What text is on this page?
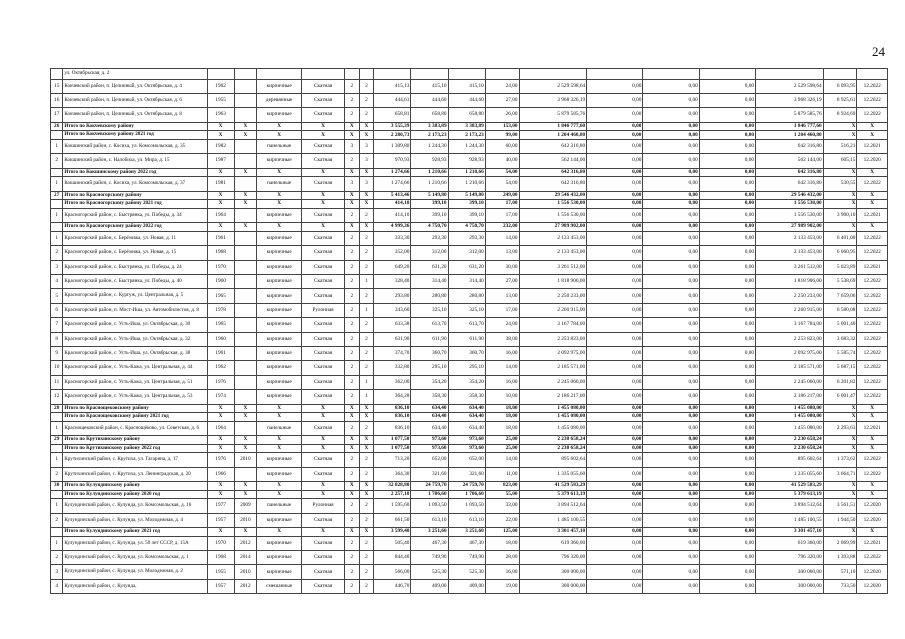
24
	ул. Октябрьская, д. 2																	
15	Кокчевский район, п. Целинный, ул. Октябрьская, д. 4	1962		кирпичные	Скатная	2	2	415,13	415,10	415,10	24,00	2 529 598,64	0,00	0,00	0,00	2 529 598,64	6 093,95	12.2022
16	Кокчевский район, п. Целинный, ул. Октябрьская, д. 6	1955		деревянные	Скатная	2	2	444,61	444,60	444,60	27,00	3 968 326,19	0,00	0,00	0,00	3 968 326,19	8 925,61	12.2022
17	Кокчевский район, п. Целинный, ул. Октябрьская, д. 8	1963		кирпичные	Скатная	2	2	658,81	658,80	658,80	26,00	5 879 585,76	0,00	0,00	0,00	5 879 585,76	8 924,69	12.2022
26	Итого по Кокчевскому району	X	X	X	X	X	X	3 555,39	3 383,89	3 383,89	153,00	1 846 777,60	0,00	0,00	0,00	1 846 777,60	X	X
	Итого по Кокчевскому району 2021 год	X	X	X	X	X	X	2 280,73	2 173,23	2 173,23	99,00	1 204 460,80	0,00	0,00	0,00	1 204 460,80	X	X
1	Кокшинский район, с. Косиха, ул. Комсомольская, д. 35	1982		панельные	Скатная	3	3	1 309,80	1 244,30	1 244,30	60,00	642 316,80	0,00	0,00	0,00	642 316,80	516,21	12.2021
2	Кокшинский район, с. Налобиха, ул. Мира, д. 15	1987		кирпичные	Скатная	2	3	970,93	928,93	928,93	40,00	562 144,00	0,00	0,00	0,00	562 144,00	605,15	12.2020
	Итого по Кокшинскому району 2022 год	X	X	X	X	X	X	1 274,66	1 210,66	1 210,66	54,00	642 316,80	0,00	0,00	0,00	642 316,80	X	X
1	Кокшинский район, с. Косиха, ул. Комсомольская, д. 37	1981		панельные	Скатная	3	3	1 274,66	1 210,66	1 210,66	54,00	642 316,80	0,00	0,00	0,00	642 316,80	530,55	12.2022
27	Итого по Красногорскому району	X	X	X	X	X	X	5 413,46	5 149,80	5 149,80	249,00	29 546 432,00	0,00	0,00	0,00	29 546 432,00	X	X
	Итого по Красногорскому району 2021 год	X	X	X	X	X	X	414,10	399,10	399,10	17,00	1 556 530,00	0,00	0,00	0,00	1 556 530,00	X	X
1	Красногорский район, с. Быстрянка, ул. Победы, д. 34	1964		кирпичные	Скатная	2	2	414,10	399,10	399,10	17,00	1 556 530,00	0,00	0,00	0,00	1 556 530,00	3 900,10	12.2021
	Итого по Красногорскому району 2022 год	X	X	X	X	X	X	4 999,36	4 750,70	4 750,70	232,00	27 989 902,00	0,00	0,00	0,00	27 989 902,00	X	X
1	Красногорский район, с. Берёзовка, ул. Новая, д. 11	1961		кирпичные	Скатная	2	2	333,30	293,30	293,30	14,00	2 133 453,00	0,00	0,00	0,00	2 133 453,00	6 401,00	12.2022
2	Красногорский район, с. Берёзовка, ул. Новая, д. 15	1968		кирпичные	Скатная	2	2	352,00	312,00	312,00	13,00	2 133 453,00	0,00	0,00	0,00	2 133 453,00	6 060,95	12.2022
3	Красногорский район, с. Быстрянка, ул. Победы, д. 24	1970		кирпичные	Скатная	2	2	649,20	631,20	631,20	30,00	3 261 512,00	0,00	0,00	0,00	3 261 512,00	5 023,89	12.2021
4	Красногорский район, с. Быстрянка, ул. Победы, д. 40	1960		кирпичные	Скатная	2	1	328,40	314,40	314,40	27,00	1 818 906,00	0,00	0,00	0,00	1 818 906,00	5 538,69	12.2022
5	Красногорский район, с. Кургуж, ул. Центральная, д. 5	1965		кирпичные	Скатная	2	2	293,80	280,80	280,80	13,00	2 250 233,00	0,00	0,00	0,00	2 250 233,00	7 659,06	12.2022
6	Красногорский район, п. Мост-Иша, ул. Автомобилистов, д. 8	1978		кирпичные	Рулонная	2	1	343,60	325,10	325,10	17,00	2 260 915,00	0,00	0,00	0,00	2 260 915,00	6 580,08	12.2022
7	Красногорский район, с. Усть-Иша, ул. Октябрьская, д. 30	1965		кирпичные	Скатная	2	2	633,38	613,70	613,70	24,00	3 167 784,00	0,00	0,00	0,00	3 167 784,00	5 001,40	12.2022
8	Красногорский район, с. Усть-Иша, ул. Октябрьская, д. 32	1960		кирпичные	Скатная	2	2	631,90	611,90	611,90	38,00	2 253 823,00	0,00	0,00	0,00	2 253 823,00	3 683,32	12.2022
9	Красногорский район, с. Усть-Иша, ул. Октябрьская, д. 38	1961		кирпичные	Скатная	2	2	374,70	360,70	360,70	16,00	2 092 975,00	0,00	0,00	0,00	2 092 975,00	5 585,74	12.2022
10	Красногорский район, с. Усть-Кажа, ул. Центральная, д. 44	1962		кирпичные	Скатная	2	2	332,80	295,10	295,10	14,00	2 185 571,00	0,00	0,00	0,00	2 185 571,00	5 687,15	12.2022
11	Красногорский район, с. Усть-Кажа, ул. Центральная, д. 51	1976		кирпичные	Скатная	2	1	362,00	354,20	354,20	16,00	2 245 060,00	0,00	0,00	0,00	2 245 060,00	6 201,82	12.2022
12	Красногорский район, с. Усть-Кажа, ул. Центральная, д. 53	1974		кирпичные	Скатная	2	1	364,28	358,30	358,30	10,00	2 186 217,00	0,00	0,00	0,00	2 186 217,00	6 001,47	12.2022
28	Итого по Краснощековскому району	X	X	X	X	X	X	836,10	634,40	634,40	18,00	1 455 080,00	0,00	0,00	0,00	1 455 080,00	X	X
	Итого по Краснощековскому району 2021 год	X	X	X	X	X	X	836,10	634,40	634,40	18,00	1 455 080,00	0,00	0,00	0,00	1 455 080,00	X	X
1	Краснощековский район, с. Краснощёково, ул. Советская, д. 6	1964		панельные	Скатная	2	2	836,10	634,40	634,40	18,00	1 455 080,00	0,00	0,00	0,00	1 455 080,00	2 293,63	12.2021
29	Итого по Крутихинскому району	X	X	X	X	X	X	1 077,50	973,60	973,60	25,00	2 230 658,24	0,00	0,00	0,00	2 230 658,24	X	X
	Итого по Крутихинскому району 2022 год	X	X	X	X	X	X	1 077,50	973,60	973,60	25,00	2 230 658,24	0,00	0,00	0,00	2 230 658,24	X	X
1	Крутихинский район, с. Крутиха, ул. Гагарина, д. 17	1976	2010	кирпичные	Скатная	2	2	713,20	652,00	652,00	14,00	895 602,64	0,00	0,00	0,00	895 602,64	1 373,62	12.2022
2	Крутихинский район, с. Крутиха, ул. Ленинградская, д. 20	1966		кирпичные	Скатная	2	2	364,30	321,60	321,60	11,00	1 335 055,60	0,00	0,00	0,00	1 335 055,60	3 664,71	12.2022
30	Итого по Кулундинскому району	X	X	X	X	X	X	32 828,80	24 759,70	24 759,70	823,00	41 529 583,29	0,00	0,00	0,00	41 529 583,29	X	X
	Итого по Кулундинскому району 2020 год	X	X	X	X	X	X	2 257,10	1 706,60	1 706,60	55,00	5 379 613,19	0,00	0,00	0,00	5 379 613,19	X	X
1	Кулундинский район, с. Кулунда, ул. Комсомольская, д. 16	1977	2009	панельные	Рулонная	2	2	1 595,60	1 093,50	1 093,50	33,00	3 894 512,64	0,00	0,00	0,00	3 894 512,64	3 561,51	12.2020
2	Кулундинский район, с. Кулунда, ул. Молодежная, д. 4	1957	2010	кирпичные	Скатная	2	2	661,50	613,10	613,10	22,00	1 485 100,55	0,00	0,00	0,00	1 485 100,55	1 944,50	12.2020
	Итого по Кулундинскому району 2021 год	X	X	X	X	X	X	3 599,40	3 251,60	3 251,60	125,00	3 301 457,10	0,00	0,00	0,00	3 301 457,10	X	X
1	Кулундинский район, с. Кулунда, ул. 50 лет СССР, д. 15А	1970	2012	кирпичные	Скатная	2	2	505,40	467,30	467,30	18,00	619 360,00	0,00	0,00	0,00	619 360,00	2 069,99	12.2021
2	Кулундинский район, с. Кулунда, ул. Комсомольская, д. 1	1968	2014	кирпичные	Скатная	2	2	844,40	749,90	749,90	28,00	796 320,00	0,00	0,00	0,00	796 320,00	1 393,88	12.2022
3	Кулундинский район, с. Кулунда, ул. Молодежная, д. 2	1955	2010	кирпичные	Скатная	2	2	566,00	525,30	525,30	16,00	300 000,00	0,00	0,00	0,00	300 000,00	571,10	12.2020
4	Кулундинский район, с. Кулунда,	1957	2012	смешанные	Скатная	2	2	446,70	409,00	409,00	19,00	300 000,00	0,00	0,00	0,00	300 000,00	733,50	12.2020
